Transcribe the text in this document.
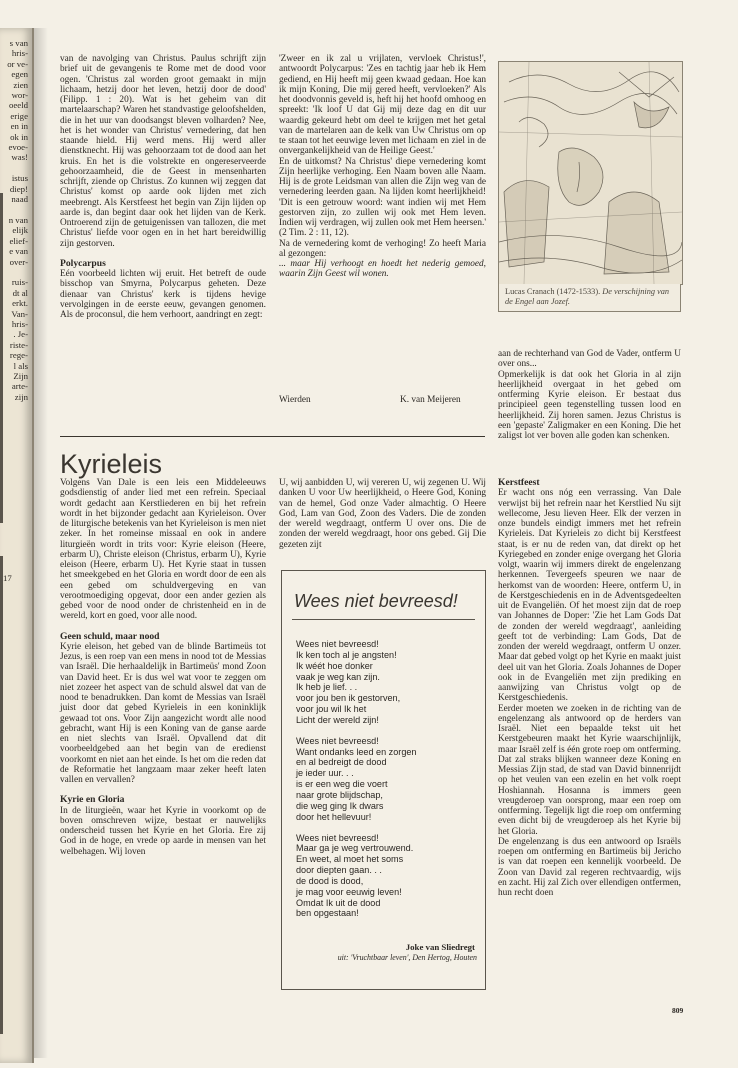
s van
hris-
or ve-
egen
zien
wor-
oeeld
erige
en in
ok in
evoe-
was!

istus
diep!
naad

n van
elijk
elief-
e van
over-

ruis-
dt al
erkt.
Van-
hris-
. Je-
riste-
rege-
l als
Zijn
arte-
zijn
17

van de navolging van Christus. Paulus schrijft zijn brief uit de gevangenis te Rome met de dood voor ogen. 'Christus zal worden groot gemaakt in mijn lichaam, hetzij door het leven, hetzij door de dood' (Filipp. 1 : 20). Wat is het geheim van dit martelaarschap? Waren het standvastige geloofshelden, die in het uur van doodsangst bleven volharden? Nee, het is het wonder van Christus' vernedering, dat hen staande hield. Hij werd mens. Hij werd aller dienstknecht. Hij was gehoorzaam tot de dood aan het kruis. En het is die volstrekte en ongereserveerde gehoorzaamheid, die de Geest in mensenharten schrijft, ziende op Christus. Zo kunnen wij zeggen dat Christus' komst op aarde ook lijden met zich meebrengt. Als Kerstfeest het begin van Zijn lijden op aarde is, dan begint daar ook het lijden van de Kerk. Ontroerend zijn de getuigenissen van tallozen, die met Christus' liefde voor ogen en in het hart bereidwillig zijn gestorven.

Polycarpus

Eén voorbeeld lichten wij eruit. Het betreft de oude bisschop van Smyrna, Polycarpus geheten. Deze dienaar van Christus' kerk is tijdens hevige vervolgingen in de eerste eeuw, gevangen genomen. Als de proconsul, die hem verhoort, aandringt en zegt:

'Zweer en ik zal u vrijlaten, vervloek Christus!', antwoordt Polycarpus: 'Zes en tachtig jaar heb ik Hem gediend, en Hij heeft mij geen kwaad gedaan. Hoe kan ik mijn Koning, Die mij gered heeft, vervloeken?' Als het doodvonnis geveld is, heft hij het hoofd omhoog en spreekt: 'Ik loof U dat Gij mij deze dag en dit uur waardig gekeurd hebt om deel te krijgen met het getal van de martelaren aan de kelk van Uw Christus om op te staan tot het eeuwige leven met lichaam en ziel in de onvergankelijkheid van de Heilige Geest.'

En de uitkomst? Na Christus' diepe vernedering komt Zijn heerlijke verhoging. Een Naam boven alle Naam. Hij is de grote Leidsman van allen die Zijn weg van de vernedering leerden gaan. Na lijden komt heerlijkheid! 'Dit is een getrouw woord: want indien wij met Hem gestorven zijn, zo zullen wij ook met Hem leven. Indien wij verdragen, wij zullen ook met Hem heersen.' (2 Tim. 2 : 11, 12).

Na de vernedering komt de verhoging! Zo heeft Maria al gezongen:

... maar Hij verhoogt en hoedt het nederig gemoed, waarin Zijn Geest wil wonen.

Wierden	K. van Meijeren
Lucas Cranach (1472-1533). De verschijning van de Engel aan Jozef.

aan de rechterhand van God de Vader, ontferm U over ons...

Opmerkelijk is dat ook het Gloria in al zijn heerlijkheid overgaat in het gebed om ontferming Kyrie eleison. Er bestaat dus principieel geen tegenstelling tussen lood en heerlijkheid. Zij horen samen. Jezus Christus is een 'gepaste' Zaligmaker en een Koning. Die het zaligst lot ver boven alle goden kan schenken.

Kyrieleis

Volgens Van Dale is een leis een Middeleeuws godsdienstig of ander lied met een refrein. Speciaal wordt gedacht aan Kerstliederen en bij het refrein wordt in het bijzonder gedacht aan Kyrieleison. Over de liturgische betekenis van het Kyrieleison is men niet zeker. In het romeinse missaal en ook in andere liturgieën wordt in trits voor: Kyrie eleison (Heere, erbarm U), Christe eleison (Christus, erbarm U), Kyrie eleison (Heere, erbarm U). Het Kyrie staat in tussen het smeekgebed en het Gloria en wordt door de een als een gebed om schuldvergeving en van verootmoediging opgevat, door een ander gezien als gebed voor de nood onder de christenheid en in de wereld, kort en goed, voor alle nood.

Geen schuld, maar nood

Kyrie eleison, het gebed van de blinde Bartimeüs tot Jezus, is een roep van een mens in nood tot de Messias van Israël. Die herhaaldelijk in Bartimeüs' mond Zoon van David heet. Er is dus wel wat voor te zeggen om niet zozeer het aspect van de schuld alswel dat van de nood te benadrukken. Dan komt de Messias van Israël juist door dat gebed Kyrieleis in een koninklijk gewaad tot ons. Voor Zijn aangezicht wordt alle nood gebracht, want Hij is een Koning van de ganse aarde en niet slechts van Israël. Opvallend dat dit voorbeeldgebed aan het begin van de eredienst voorkomt en niet aan het einde. Is het om die reden dat de Reformatie het langzaam maar zeker heeft laten vallen en vervallen?

Kyrie en Gloria

In de liturgieën, waar het Kyrie in voorkomt op de boven omschreven wijze, bestaat er nauwelijks onderscheid tussen het Kyrie en het Gloria. Ere zij God in de hoge, en vrede op aarde in mensen van het welbehagen. Wij loven

U, wij aanbidden U, wij vereren U, wij zegenen U. Wij danken U voor Uw heerlijkheid, o Heere God, Koning van de hemel, God onze Vader almachtig. O Heere God, Lam van God, Zoon des Vaders. Die de zonden der wereld wegdraagt, ontferm U over ons. Die de zonden der wereld wegdraagt, hoor ons gebed. Gij Die gezeten zijt

Wees niet bevreesd!
Wees niet bevreesd!
Ik ken toch al je angsten!
Ik wéét hoe donker
vaak je weg kan zijn.
Ik heb je lief. . .
voor jou ben ik gestorven,
voor jou wil Ik het
Licht der wereld zijn!
Wees niet bevreesd!
Want ondanks leed en zorgen
en al bedreigt de dood
je ieder uur. . .
is er een weg die voert
naar grote blijdschap,
die weg ging Ik dwars
door het hellevuur!
Wees niet bevreesd!
Maar ga je weg vertrouwend.
En weet, al moet het soms
door diepten gaan. . .
de dood is dood,
je mag voor eeuwig leven!
Omdat Ik uit de dood
ben opgestaan!
Joke van Sliedregt
uit: 'Vruchtbaar leven', Den Hertog, Houten

Kerstfeest

Er wacht ons nóg een verrassing. Van Dale verwijst bij het refrein naar het Kerstlied Nu sijt wellecome, Jesu lieven Heer. Elk der verzen in onze bundels eindigt immers met het refrein Kyrieleis. Dat Kyrieleis zo dicht bij Kerstfeest staat, is er nu de reden van, dat direkt op het Kyriegebed en zonder enige overgang het Gloria volgt, waarin wij immers direkt de engelenzang herkennen. Tevergeefs speuren we naar de herkomst van de woorden: Heere, ontferm U, in de Kerstgeschiedenis en in de Adventsgedeelten uit de Evangeliën. Of het moest zijn dat de roep van Johannes de Doper: 'Zie het Lam Gods Dat de zonden der wereld wegdraagt', aanleiding geeft tot de verbinding: Lam Gods, Dat de zonden der wereld wegdraagt, ontferm U onzer. Maar dat gebed volgt op het Kyrie en maakt juist deel uit van het Gloria. Zoals Johannes de Doper ook in de Evangeliën met zijn prediking en aanwijzing van Christus volgt op de Kerstgeschiedenis.

Eerder moeten we zoeken in de richting van de engelenzang als antwoord op de herders van Israël. Niet een bepaalde tekst uit het Kerstgebeuren maakt het Kyrie waarschijnlijk, maar Israël zelf is één grote roep om ontferming. Dat zal straks blijken wanneer deze Koning en Messias Zijn stad, de stad van David binnenrijdt op het veulen van een ezelin en het volk roept Hoshiannah. Hosanna is immers geen vreugderoep van oorsprong, maar een roep om ontferming. Tegelijk ligt die roep om ontferming even dicht bij de vreugderoep als het Kyrie bij het Gloria.

De engelenzang is dus een antwoord op Israëls roepen om ontferming en Bartimeüs bij Jericho is van dat roepen een kennelijk voorbeeld. De Zoon van David zal regeren rechtvaardig, wijs en zacht. Hij zal Zich over ellendigen ontfermen, hun recht doen

809
